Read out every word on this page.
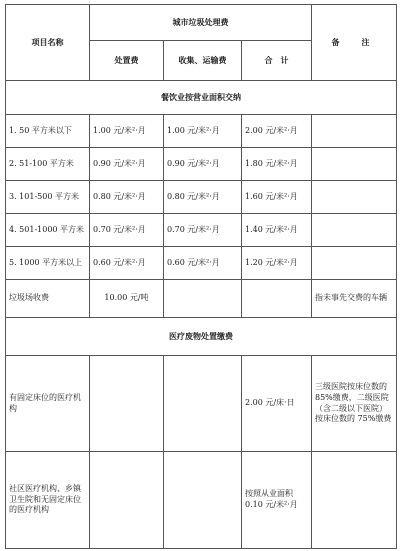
项目名称	城市垃圾处理费			备　注
	处置费	收集、运输费	合　计	
餐饮业按营业面积交纳				
1. 50 平方米以下	1.00 元/米²·月	1.00 元/米²·月	2.00 元/米²·月	
2. 51-100 平方米	0.90 元/米²·月	0.90 元/米²·月	1.80 元/米²·月	
3. 101-500 平方米	0.80 元/米²·月	0.80 元/米²·月	1.60 元/米²·月	
4. 501-1000 平方米	0.70 元/米²·月	0.70 元/米²·月	1.40 元/米²·月	
5. 1000 平方米以上	0.60 元/米²·月	0.60 元/米²·月	1.20 元/米²·月	
垃圾场收费	10.00 元/吨			指未事先交费的车辆
医疗废物处置缴费				
有固定床位的医疗机构			2.00 元/床·日	三级医院按床位数的 85%缴费，二级医院（含二级以下医院）按床位数的 75%缴费
社区医疗机构、乡镇卫生院和无固定床位的医疗机构			按照从业面积 0.10 元/米²·月	
